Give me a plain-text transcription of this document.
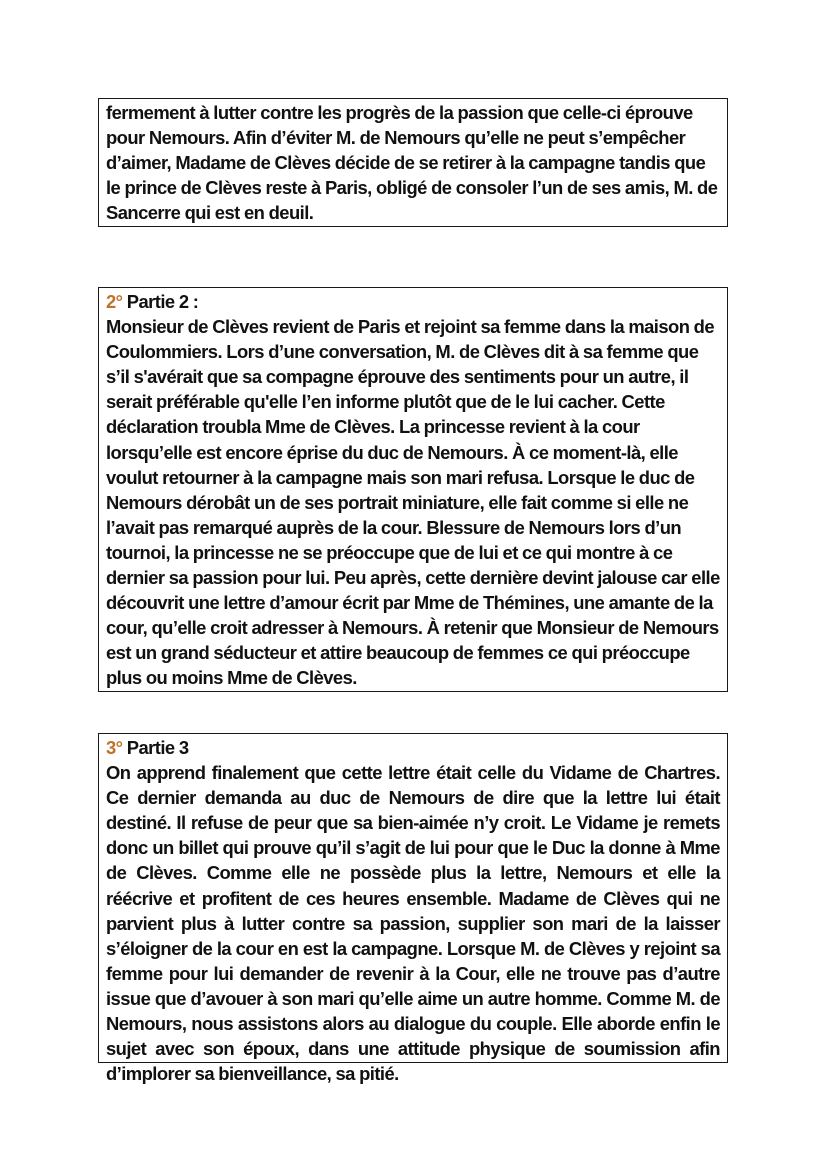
fermement à lutter contre les progrès de la passion que celle-ci éprouve pour Nemours. Afin d’éviter M. de Nemours qu’elle ne peut s’empêcher d’aimer, Madame de Clèves décide de se retirer à la campagne tandis que le prince de Clèves reste à Paris, obligé de consoler l’un de ses amis, M. de Sancerre qui est en deuil.

2° Partie 2 :

Monsieur de Clèves revient de Paris et rejoint sa femme dans la maison de Coulommiers. Lors d’une conversation, M. de Clèves dit à sa femme que s’il s'avérait que sa compagne éprouve des sentiments pour un autre, il serait préférable qu'elle l’en informe plutôt que de le lui cacher. Cette déclaration troubla Mme de Clèves. La princesse revient à la cour lorsqu’elle est encore éprise du duc de Nemours. À ce moment-là, elle voulut retourner à la campagne mais son mari refusa. Lorsque le duc de Nemours dérobât un de ses portrait miniature, elle fait comme si elle ne l’avait pas remarqué auprès de la cour. Blessure de Nemours lors d’un tournoi, la princesse ne se préoccupe que de lui et ce qui montre à ce dernier sa passion pour lui. Peu après, cette dernière devint jalouse car elle découvrit une lettre d’amour écrit par Mme de Thémines, une amante de la cour, qu’elle croit adresser à Nemours. À retenir que Monsieur de Nemours est un grand séducteur et attire beaucoup de femmes ce qui préoccupe plus ou moins Mme de Clèves.

3° Partie 3

On apprend finalement que cette lettre était celle du Vidame de Chartres. Ce dernier demanda au duc de Nemours de dire que la lettre lui était destiné. Il refuse de peur que sa bien-aimée n’y croit. Le Vidame je remets donc un billet qui prouve qu’il s’agit de lui pour que le Duc la donne à Mme de Clèves. Comme elle ne possède plus la lettre, Nemours et elle la réécrive et profitent de ces heures ensemble. Madame de Clèves qui ne parvient plus à lutter contre sa passion, supplier son mari de la laisser s’éloigner de la cour en est la campagne. Lorsque M. de Clèves y rejoint sa femme pour lui demander de revenir à la Cour, elle ne trouve pas d’autre issue que d’avouer à son mari qu’elle aime un autre homme. Comme M. de Nemours, nous assistons alors au dialogue du couple. Elle aborde enfin le sujet avec son époux, dans une attitude physique de soumission afin d’implorer sa bienveillance, sa pitié.
